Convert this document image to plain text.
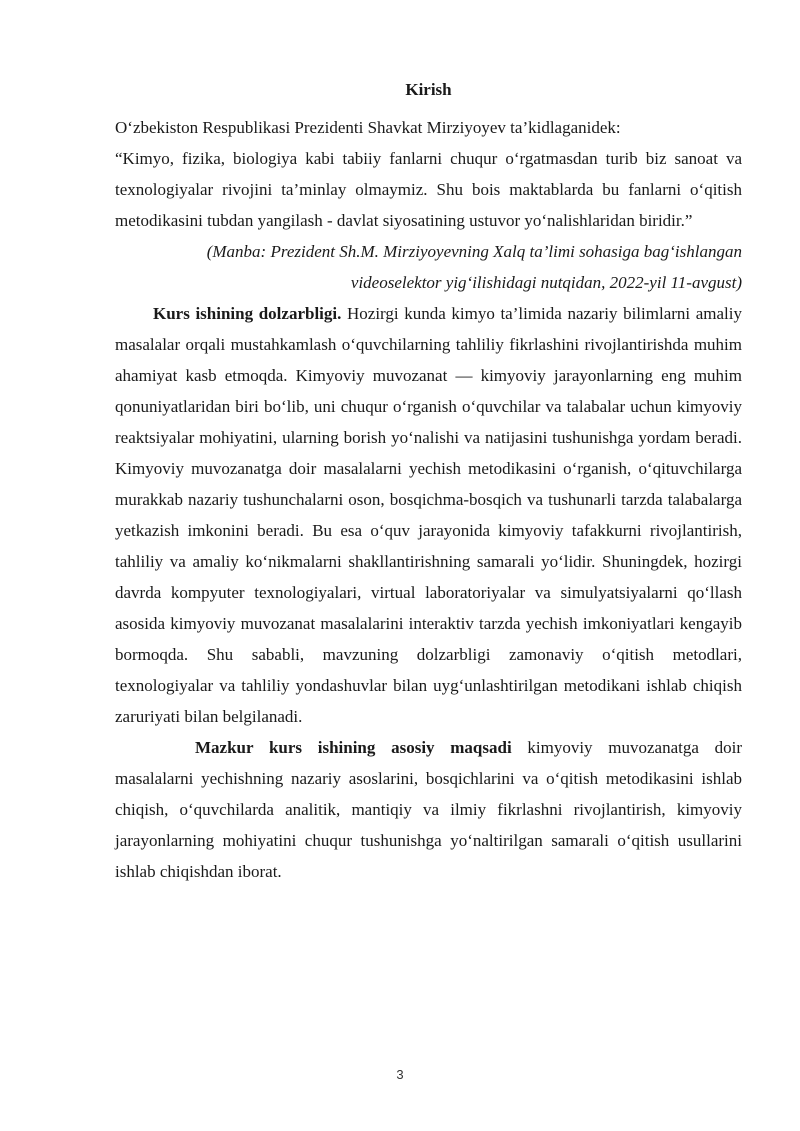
Kirish

O‘zbekiston Respublikasi Prezidenti Shavkat Mirziyoyev ta’kidlaganidek:

“Kimyo, fizika, biologiya kabi tabiiy fanlarni chuqur o‘rgatmasdan turib biz sanoat va texnologiyalar rivojini ta’minlay olmaymiz. Shu bois maktablarda bu fanlarni o‘qitish metodikasini tubdan yangilash - davlat siyosatining ustuvor yo‘nalishlaridan biridir.”

(Manba: Prezident Sh.M. Mirziyoyevning Xalq ta’limi sohasiga bag‘ishlangan

videoselektor yig‘ilishidagi nutqidan, 2022-yil 11-avgust)

Kurs ishining dolzarbligi. Hozirgi kunda kimyo ta’limida nazariy bilimlarni amaliy masalalar orqali mustahkamlash o‘quvchilarning tahliliy fikrlashini rivojlantirishda muhim ahamiyat kasb etmoqda. Kimyoviy muvozanat — kimyoviy jarayonlarning eng muhim qonuniyatlaridan biri bo‘lib, uni chuqur o‘rganish o‘quvchilar va talabalar uchun kimyoviy reaktsiyalar mohiyatini, ularning borish yo‘nalishi va natijasini tushunishga yordam beradi. Kimyoviy muvozanatga doir masalalarni yechish metodikasini o‘rganish, o‘qituvchilarga murakkab nazariy tushunchalarni oson, bosqichma-bosqich va tushunarli tarzda talabalarga yetkazish imkonini beradi. Bu esa o‘quv jarayonida kimyoviy tafakkurni rivojlantirish, tahliliy va amaliy ko‘nikmalarni shakllantirishning samarali yo‘lidir. Shuningdek, hozirgi davrda kompyuter texnologiyalari, virtual laboratoriyalar va simulyatsiyalarni qo‘llash asosida kimyoviy muvozanat masalalarini interaktiv tarzda yechish imkoniyatlari kengayib bormoqda. Shu sababli, mavzuning dolzarbligi zamonaviy o‘qitish metodlari, texnologiyalar va tahliliy yondashuvlar bilan uyg‘unlashtirilgan metodikani ishlab chiqish zaruriyati bilan belgilanadi.

Mazkur kurs ishining asosiy maqsadi kimyoviy muvozanatga doir masalalarni yechishning nazariy asoslarini, bosqichlarini va o‘qitish metodikasini ishlab chiqish, o‘quvchilarda analitik, mantiqiy va ilmiy fikrlashni rivojlantirish, kimyoviy jarayonlarning mohiyatini chuqur tushunishga yo‘naltirilgan samarali o‘qitish usullarini ishlab chiqishdan iborat.

3
